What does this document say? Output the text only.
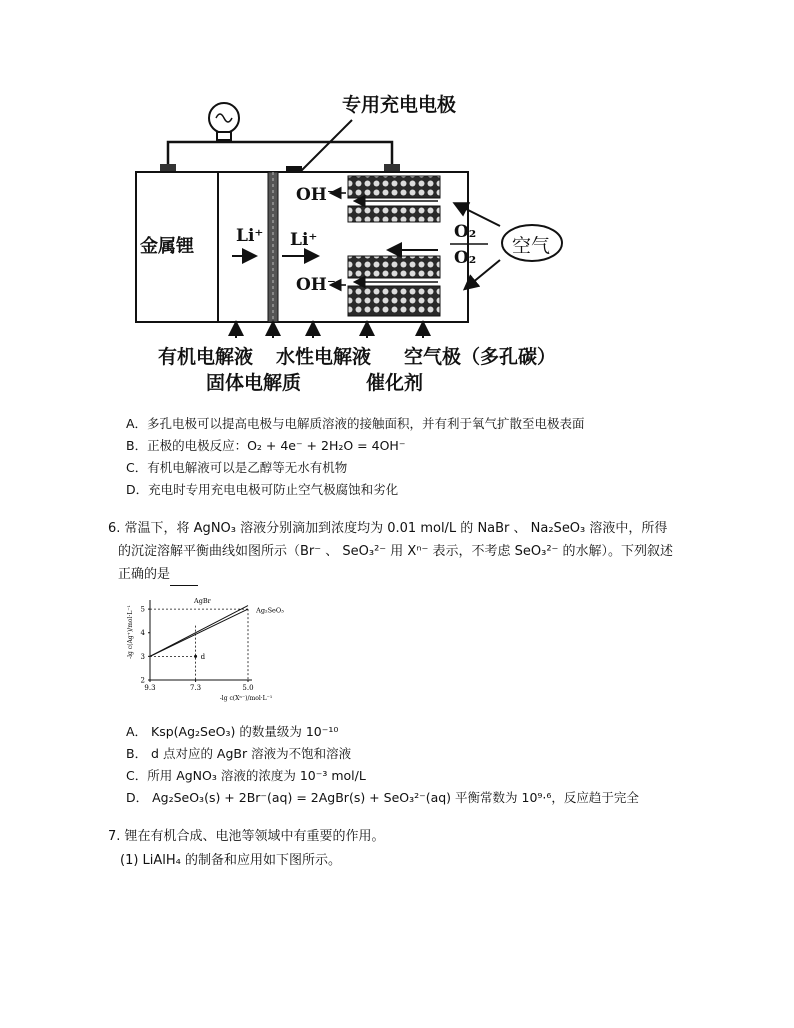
专用充电电极
金属锂 Li⁺ Li⁺
OH⁻
OH⁻
O₂
O₂
空气
有机电解液 水性电解液 空气极（多孔碳）
固体电解质	催化剂
A．多孔电极可以提高电极与电解质溶液的接触面积，并有利于氧气扩散至电极表面
B．正极的电极反应：O₂ + 4e⁻ + 2H₂O = 4OH⁻
C．有机电解液可以是乙醇等无水有机物
D．充电时专用充电电极可防止空气极腐蚀和劣化
6. 常温下，将 AgNO₃ 溶液分别滴加到浓度均为 0.01 mol/L 的 NaBr 、 Na₂SeO₃ 溶液中，所得
的沉淀溶解平衡曲线如图所示（Br⁻ 、 SeO₃²⁻ 用 Xⁿ⁻ 表示，不考虑 SeO₃²⁻ 的水解）。下列叙述
正确的是
2
3
4
5
9.3	7.3	5.0
AgBr
Ag₂SeO₃
d
-lg c(Ag⁺)/mol·L⁻¹
-lg c(Xⁿ⁻)/mol·L⁻¹
A． Ksp(Ag₂SeO₃) 的数量级为 10⁻¹⁰
B． d 点对应的 AgBr 溶液为不饱和溶液
C．所用 AgNO₃ 溶液的浓度为 10⁻³ mol/L
D． Ag₂SeO₃(s) + 2Br⁻(aq) = 2AgBr(s) + SeO₃²⁻(aq) 平衡常数为 10⁹·⁶，反应趋于完全
7. 锂在有机合成、电池等领域中有重要的作用。
(1) LiAlH₄ 的制备和应用如下图所示。
